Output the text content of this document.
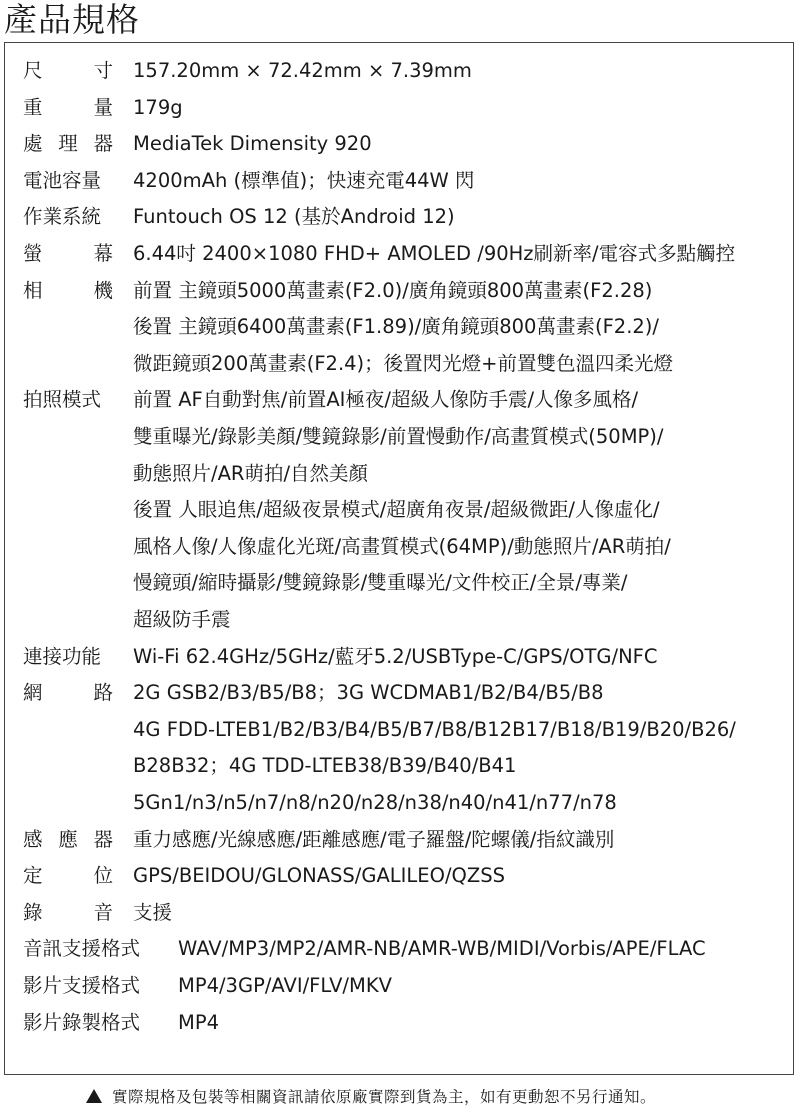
產品規格
尺	寸 157.20mm × 72.42mm × 7.39mm
重	量 179g
處 理 器 MediaTek Dimensity 920
電池容量 4200mAh (標準值)；快速充電44W 閃
作業系統 Funtouch OS 12 (基於Android 12)
螢	幕 6.44吋 2400×1080 FHD+ AMOLED /90Hz刷新率/電容式多點觸控
相	機 前置 主鏡頭5000萬畫素(F2.0)/廣角鏡頭800萬畫素(F2.28)
後置 主鏡頭6400萬畫素(F1.89)/廣角鏡頭800萬畫素(F2.2)/
微距鏡頭200萬畫素(F2.4)；後置閃光燈+前置雙色溫四柔光燈
拍照模式 前置 AF自動對焦/前置AI極夜/超級人像防手震/人像多風格/
雙重曝光/錄影美顏/雙鏡錄影/前置慢動作/高畫質模式(50MP)/
動態照片/AR萌拍/自然美顏
後置 人眼追焦/超級夜景模式/超廣角夜景/超級微距/人像虛化/
風格人像/人像虛化光斑/高畫質模式(64MP)/動態照片/AR萌拍/
慢鏡頭/縮時攝影/雙鏡錄影/雙重曝光/文件校正/全景/專業/
超級防手震
連接功能 Wi-Fi 62.4GHz/5GHz/藍牙5.2/USBType-C/GPS/OTG/NFC
網	路 2G GSB2/B3/B5/B8；3G WCDMAB1/B2/B4/B5/B8
4G FDD-LTEB1/B2/B3/B4/B5/B7/B8/B12B17/B18/B19/B20/B26/
B28B32；4G TDD-LTEB38/B39/B40/B41
5Gn1/n3/n5/n7/n8/n20/n28/n38/n40/n41/n77/n78
感 應 器 重力感應/光線感應/距離感應/電子羅盤/陀螺儀/指紋識別
定	位 GPS/BEIDOU/GLONASS/GALILEO/QZSS
錄	音 支援
音訊支援格式 WAV/MP3/MP2/AMR-NB/AMR-WB/MIDI/Vorbis/APE/FLAC
影片支援格式 MP4/3GP/AVI/FLV/MKV
影片錄製格式 MP4
實際規格及包裝等相關資訊請依原廠實際到貨為主，如有更動恕不另行通知。
